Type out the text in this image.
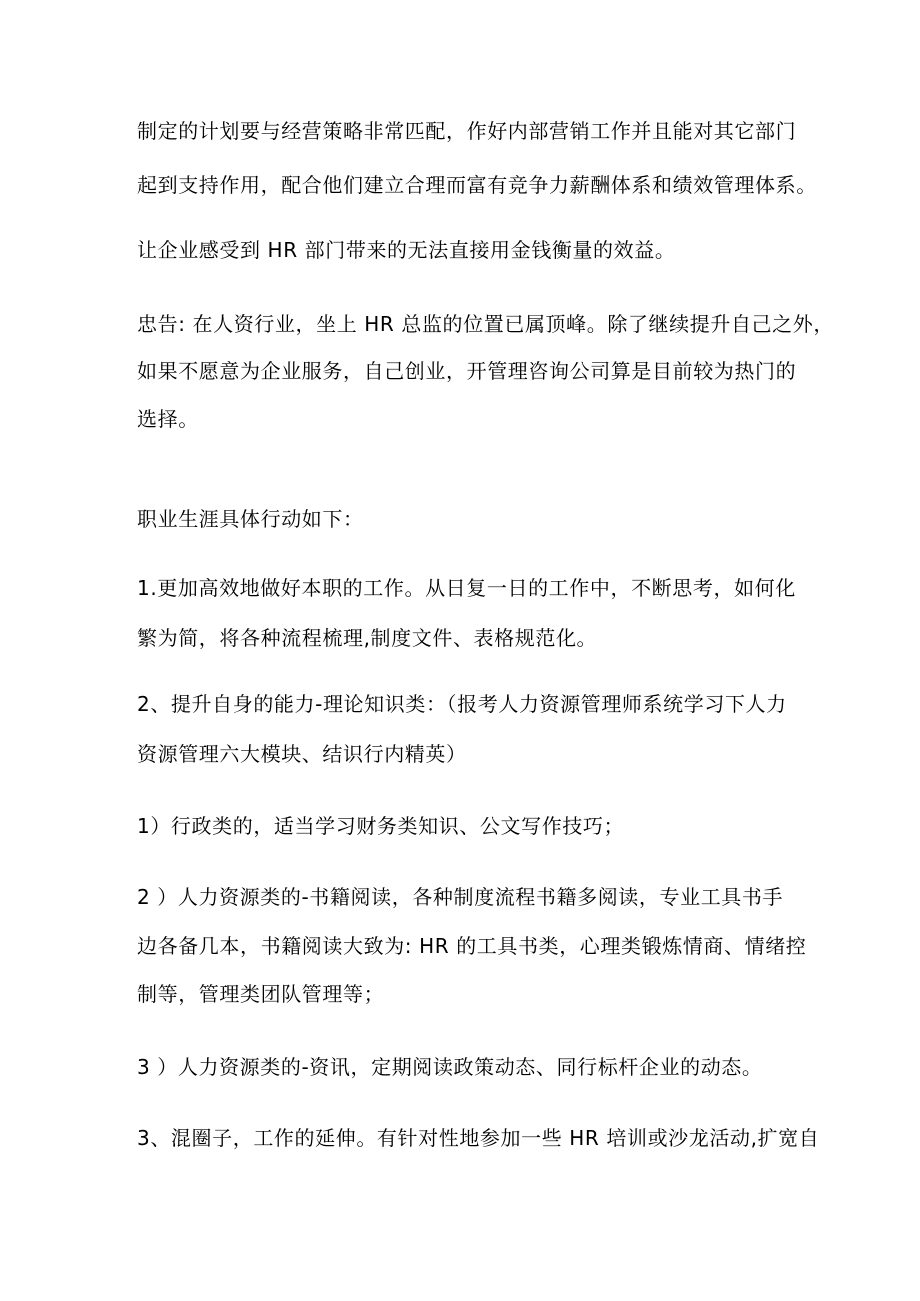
制定的计划要与经营策略非常匹配，作好内部营销工作并且能对其它部门
起到支持作用，配合他们建立合理而富有竞争力薪酬体系和绩效管理体系。
让企业感受到 HR 部门带来的无法直接用金钱衡量的效益。
忠告: 在人资行业，坐上 HR 总监的位置已属顶峰。除了继续提升自己之外，
如果不愿意为企业服务，自己创业，开管理咨询公司算是目前较为热门的
选择。
职业生涯具体行动如下：
1.更加高效地做好本职的工作。从日复一日的工作中，不断思考，如何化
繁为简，将各种流程梳理,制度文件、表格规范化。
2、提升自身的能力-理论知识类：（报考人力资源管理师系统学习下人力
资源管理六大模块、结识行内精英）
1）行政类的，适当学习财务类知识、公文写作技巧；
2 ）人力资源类的-书籍阅读，各种制度流程书籍多阅读，专业工具书手
边各备几本，书籍阅读大致为: HR 的工具书类，心理类锻炼情商、情绪控
制等，管理类团队管理等；
3 ）人力资源类的-资讯，定期阅读政策动态、同行标杆企业的动态。
3、混圈子，工作的延伸。有针对性地参加一些 HR 培训或沙龙活动,扩宽自
